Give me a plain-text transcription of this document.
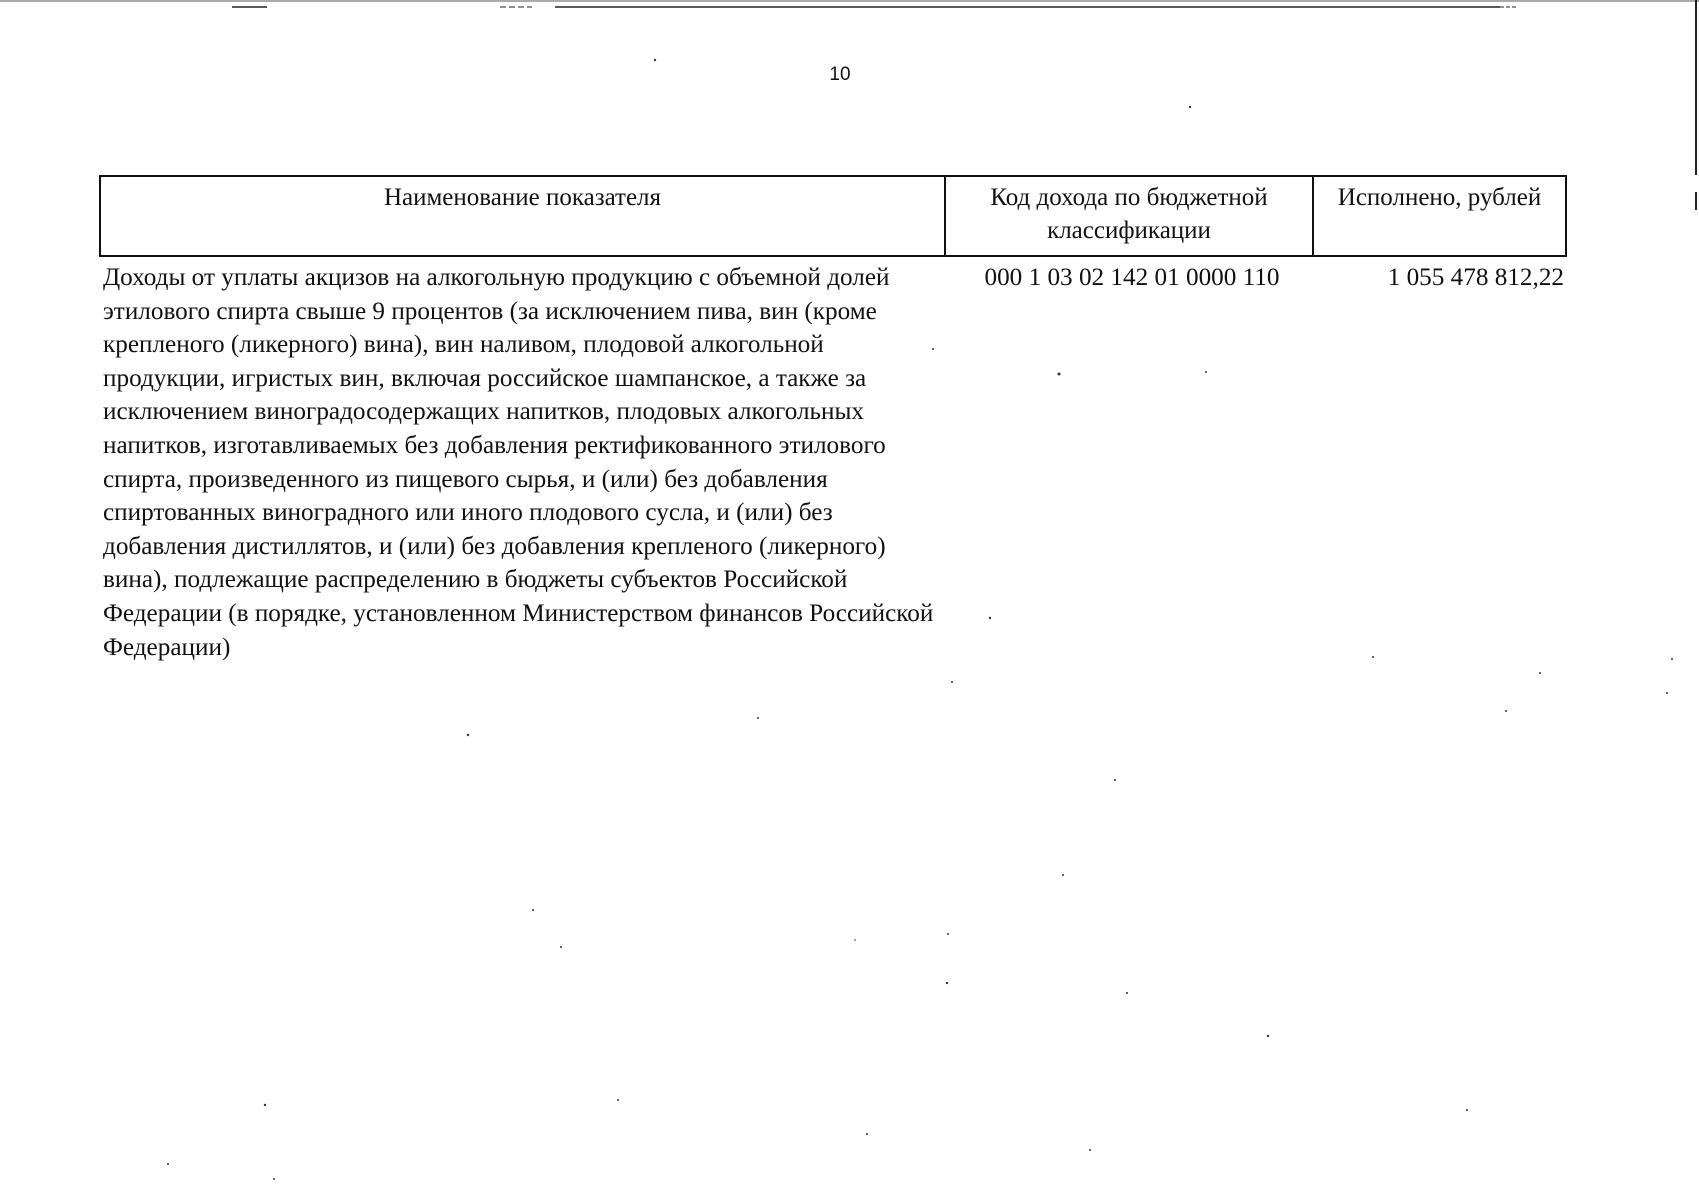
10
Наименование показателя	Код дохода по бюджетной классификации	Исполнено, рублей
Доходы от уплаты акцизов на алкогольную продукцию с объемной долей этилового спирта свыше 9 процентов (за исключением пива, вин (кроме крепленого (ликерного) вина), вин наливом, плодовой алкогольной продукции, игристых вин, включая российское шампанское, а также за исключением виноградосодержащих напитков, плодовых алкогольных напитков, изготавливаемых без добавления ректификованного этилового спирта, произведенного из пищевого сырья, и (или) без добавления спиртованных виноградного или иного плодового сусла, и (или) без добавления дистиллятов, и (или) без добавления крепленого (ликерного) вина), подлежащие распределению в бюджеты субъектов Российской Федерации (в порядке, установленном Министерством финансов Российской Федерации)	000 1 03 02 142 01 0000 110	1 055 478 812,22
